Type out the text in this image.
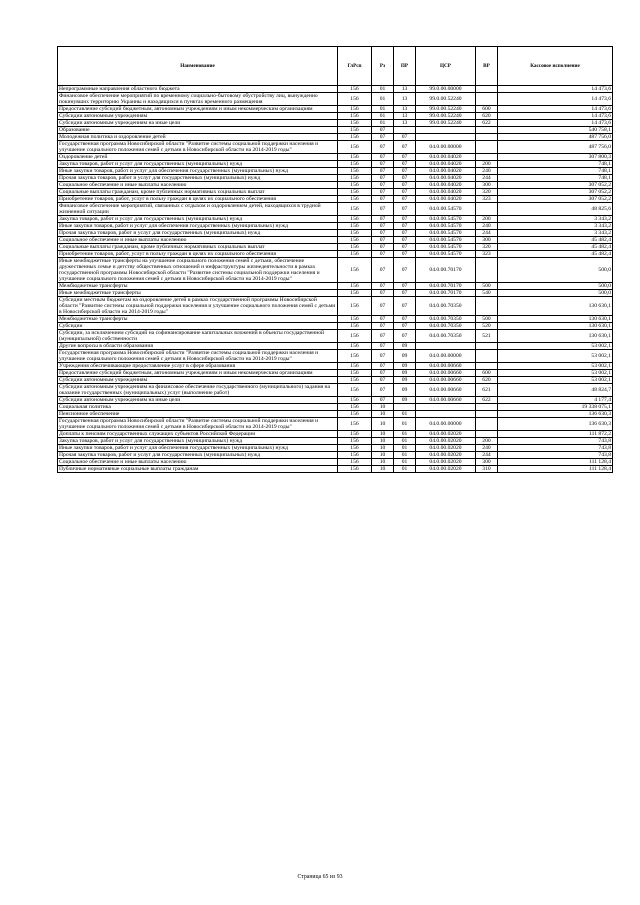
Наименование	ГлРсп	Рз	ПР	ЦСР	ВР	Кассовое исполнение
Непрограммные направления областного бюджета	156	01	13	99.0.00.00000		14 473,6
Финансовое обеспечение мероприятий по временному социально-бытовому обустройству лиц, вынужденно покинувших территорию Украины и находящихся в пунктах временного размещения	156	01	13	99.0.00.52240		14 473,6
Предоставление субсидий бюджетным, автономным учреждениям и иным некоммерческим организациям	156	01	13	99.0.00.52240	600	14 473,6
Субсидии автономным учреждениям	156	01	13	99.0.00.52240	620	14 473,6
Субсидии автономным учреждениям на иные цели	156	01	13	99.0.00.52240	622	14 473,6
Образование	156	07				540 758,1
Молодежная политика и оздоровление детей	156	07	07			487 756,0
Государственная программа Новосибирской области "Развитие системы социальной поддержки населения и улучшение социального положения семей с детьми в Новосибирской области на 2014-2019 годы"	156	07	07	04.0.00.00000		487 756,0
Оздоровление детей	156	07	07	04.0.00.04020		307 800,3
Закупка товаров, работ и услуг для государственных (муниципальных) нужд	156	07	07	04.0.00.04020	200	748,1
Иные закупки товаров, работ и услуг для обеспечения государственных (муниципальных) нужд	156	07	07	04.0.00.04020	240	748,1
Прочая закупка товаров, работ и услуг для государственных (муниципальных) нужд	156	07	07	04.0.00.04020	244	748,1
Социальное обеспечение и иные выплаты населению	156	07	07	04.0.00.04020	300	307 052,2
Социальные выплаты гражданам, кроме публичных нормативных социальных выплат	156	07	07	04.0.00.04020	320	307 052,2
Приобретение товаров, работ, услуг в пользу граждан в целях их социального обеспечения	156	07	07	04.0.00.04020	323	307 052,2
Финансовое обеспечение мероприятий, связанных с отдыхом и оздоровлением детей, находящихся в трудной жизненной ситуации	156	07	07	04.0.00.54570		48 825,6
Закупка товаров, работ и услуг для государственных (муниципальных) нужд	156	07	07	04.0.00.54570	200	3 343,2
Иные закупки товаров, работ и услуг для обеспечения государственных (муниципальных) нужд	156	07	07	04.0.00.54570	240	3 343,2
Прочая закупка товаров, работ и услуг для государственных (муниципальных) нужд	156	07	07	04.0.00.54570	244	3 343,2
Социальное обеспечение и иные выплаты населению	156	07	07	04.0.00.54570	300	45 482,4
Социальные выплаты гражданам, кроме публичных нормативных социальных выплат	156	07	07	04.0.00.54570	320	45 482,4
Приобретение товаров, работ, услуг в пользу граждан в целях их социального обеспечения	156	07	07	04.0.00.54570	323	45 482,4
Иные межбюджетные трансферты на улучшение социального положения семей с детьми, обеспечение дружественных семье и детству общественных отношений и инфраструктуры жизнедеятельности в рамках государственной программы Новосибирской области "Развитие системы социальной поддержки населения и улучшение социального положения семей с детьми в Новосибирской области на 2014-2019 годы"	156	07	07	04.0.00.70170		500,0
Межбюджетные трансферты	156	07	07	04.0.00.70170	500	500,0
Иные межбюджетные трансферты	156	07	07	04.0.00.70170	540	500,0
Субсидии местным бюджетам на оздоровление детей в рамках государственной программы Новосибирской области "Развитие системы социальной поддержки населения и улучшение социального положения семей с детьми в Новосибирской области на 2014-2019 годы"	156	07	07	04.0.00.70350		130 630,1
Межбюджетные трансферты	156	07	07	04.0.00.70350	500	130 630,1
Субсидии	156	07	07	04.0.00.70350	520	130 630,1
Субсидии, за исключением субсидий на софинансирование капитальных вложений в объекты государственной (муниципальной) собственности	156	07	07	04.0.00.70350	521	130 630,1
Другие вопросы в области образования	156	07	09			53 002,1
Государственная программа Новосибирской области "Развитие системы социальной поддержки населения и улучшение социального положения семей с детьми в Новосибирской области на 2014-2019 годы"	156	07	09	04.0.00.00000		53 002,1
Учреждения обеспечивающие предоставление услуг в сфере образования	156	07	09	04.0.00.00660		53 002,1
Предоставление субсидий бюджетным, автономным учреждениям и иным некоммерческим организациям	156	07	09	04.0.00.00660	600	53 002,1
Субсидии автономным учреждениям	156	07	09	04.0.00.00660	620	53 002,1
Субсидии автономным учреждениям на финансовое обеспечение государственного (муниципального) задания на оказание государственных (муниципальных) услуг (выполнение работ)	156	07	09	04.0.00.00660	621	48 824,7
Субсидии автономным учреждениям на иные цели	156	07	09	04.0.00.00660	622	4 177,4
Социальная политика	156	10				19 338 075,1
Пенсионное обеспечение	156	10	01			136 630,3
Государственная программа Новосибирской области "Развитие системы социальной поддержки населения и улучшение социального положения семей с детьми в Новосибирской области на 2014-2019 годы"	156	10	01	04.0.00.00000		136 630,3
Доплаты к пенсиям государственных служащих субъектов Российской Федерации	156	10	01	04.0.00.02020		111 872,2
Закупка товаров, работ и услуг для государственных (муниципальных) нужд	156	10	01	04.0.00.02020	200	743,8
Иные закупки товаров, работ и услуг для обеспечения государственных (муниципальных) нужд	156	10	01	04.0.00.02020	240	743,8
Прочая закупка товаров, работ и услуг для государственных (муниципальных) нужд	156	10	01	04.0.00.02020	244	743,8
Социальное обеспечение и иные выплаты населению	156	10	01	04.0.00.02020	300	111 128,4
Публичные нормативные социальные выплаты гражданам	156	10	01	04.0.00.02020	310	111 128,4
Страница 65 из 93
